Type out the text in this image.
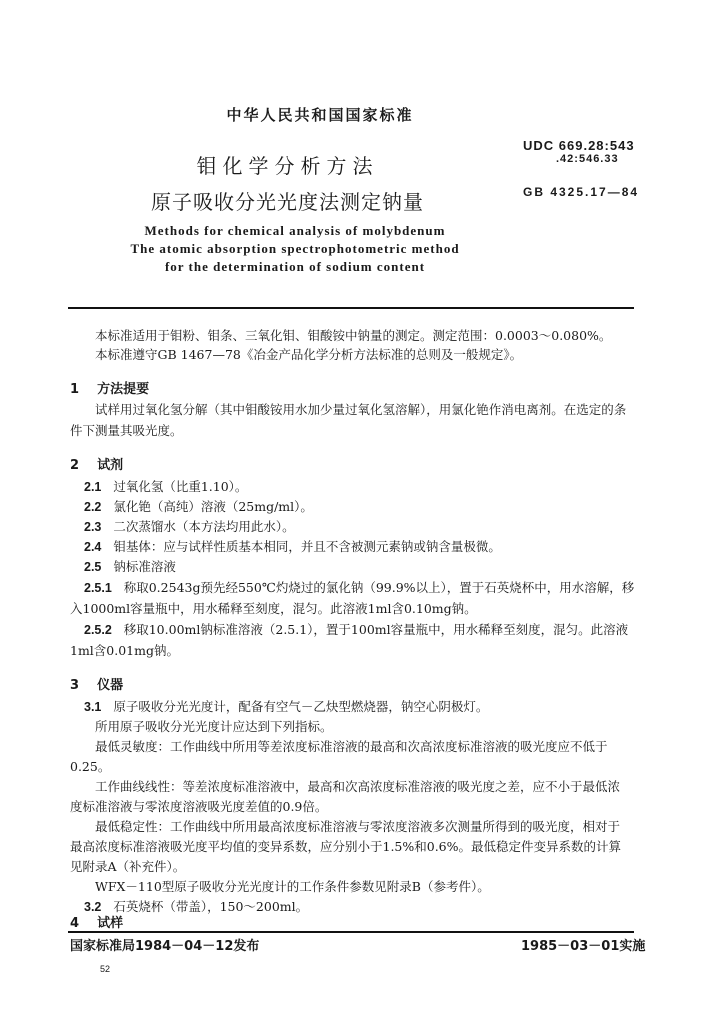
中华人民共和国国家标准
钼化学分析方法
原子吸收分光光度法测定钠量
UDC 669.28:543
.42:546.33
GB 4325.17—84
Methods for chemical analysis of molybdenum
The atomic absorption spectrophotometric method
for the determination of sodium content
本标准适用于钼粉、钼条、三氧化钼、钼酸铵中钠量的测定。测定范围：0.0003～0.080%。
本标准遵守GB 1467—78《冶金产品化学分析方法标准的总则及一般规定》。
1 方法提要
试样用过氧化氢分解（其中钼酸铵用水加少量过氧化氢溶解），用氯化铯作消电离剂。在选定的条
件下测量其吸光度。
2 试剂
2.1 过氧化氢（比重1.10）。
2.2 氯化铯（高纯）溶液（25mg/ml）。
2.3 二次蒸馏水（本方法均用此水）。
2.4 钼基体：应与试样性质基本相同，并且不含被测元素钠或钠含量极微。
2.5 钠标准溶液
2.5.1 称取0.2543g预先经550℃灼烧过的氯化钠（99.9%以上），置于石英烧杯中，用水溶解，移
入1000ml容量瓶中，用水稀释至刻度，混匀。此溶液1ml含0.10mg钠。
2.5.2 移取10.00ml钠标准溶液（2.5.1），置于100ml容量瓶中，用水稀释至刻度，混匀。此溶液
1ml含0.01mg钠。
3 仪器
3.1 原子吸收分光光度计，配备有空气－乙炔型燃烧器，钠空心阴极灯。
所用原子吸收分光光度计应达到下列指标。
最低灵敏度：工作曲线中所用等差浓度标准溶液的最高和次高浓度标准溶液的吸光度应不低于
0.25。
工作曲线线性：等差浓度标准溶液中，最高和次高浓度标准溶液的吸光度之差，应不小于最低浓
度标准溶液与零浓度溶液吸光度差值的0.9倍。
最低稳定性：工作曲线中所用最高浓度标准溶液与零浓度溶液多次测量所得到的吸光度，相对于
最高浓度标准溶液吸光度平均值的变异系数，应分别小于1.5%和0.6%。最低稳定件变异系数的计算
见附录A（补充件）。
WFX－110型原子吸收分光光度计的工作条件参数见附录B（参考件）。
3.2 石英烧杯（带盖），150～200ml。
4 试样
国家标准局1984－04－12发布	1985－03－01实施
52
